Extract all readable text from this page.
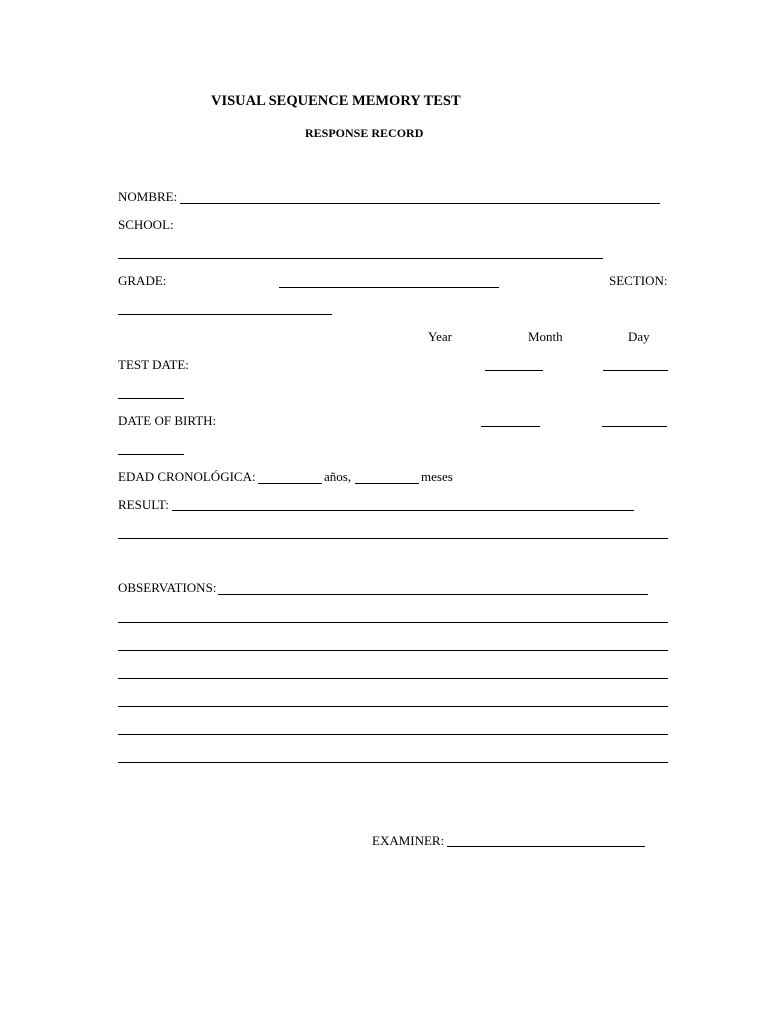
VISUAL SEQUENCE MEMORY TEST
RESPONSE RECORD
NOMBRE:
SCHOOL:
GRADE:	SECTION:
Year	Month	Day
TEST DATE:
DATE OF BIRTH:
EDAD CRONOLÓGICA:	años,	meses
RESULT:
OBSERVATIONS:
EXAMINER:
